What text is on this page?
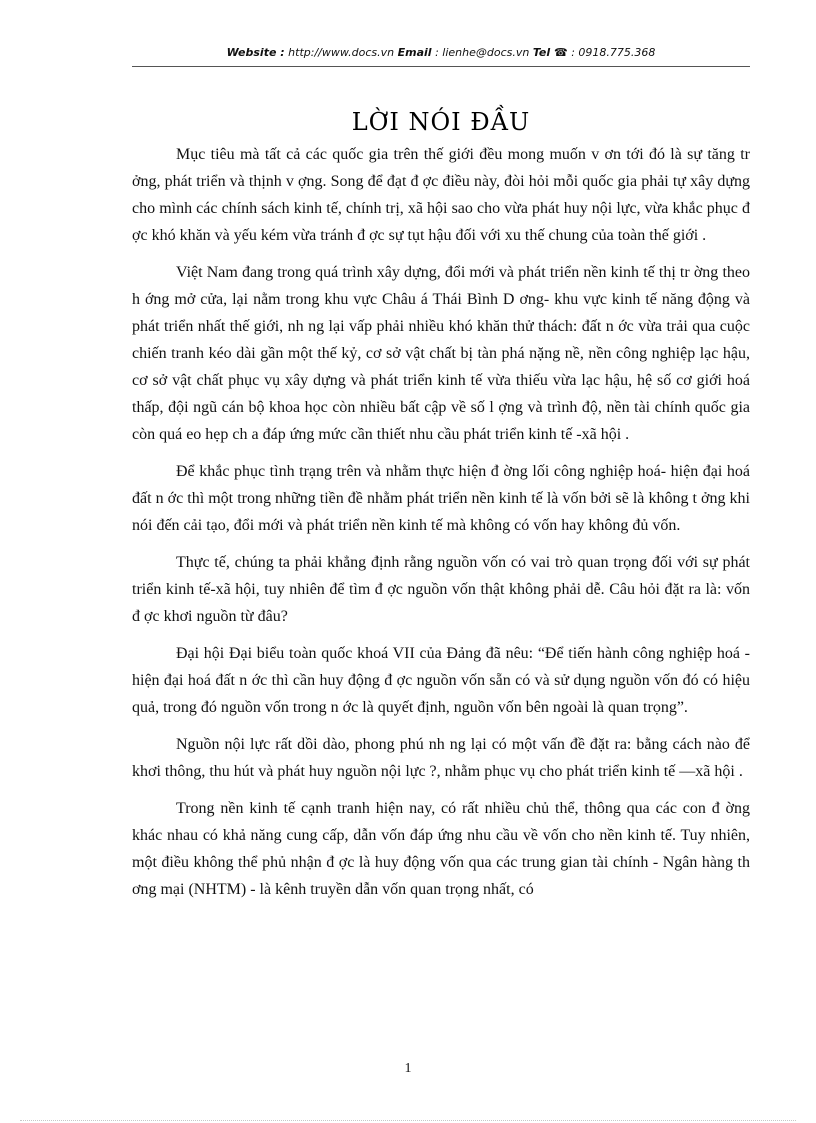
Website : http://www.docs.vn Email : lienhe@docs.vn Tel ☎ : 0918.775.368
LỜI NÓI ĐẦU

Mục tiêu mà tất cả các quốc gia trên thế giới đều mong muốn v ơn tới đó là sự tăng tr ởng, phát triển và thịnh v ợng. Song để đạt đ ợc điều này, đòi hỏi mỗi quốc gia phải tự xây dựng cho mình các chính sách kinh tế, chính trị, xã hội sao cho vừa phát huy nội lực, vừa khắc phục đ ợc khó khăn và yếu kém vừa tránh đ ợc sự tụt hậu đối với xu thế chung của toàn thế giới .

Việt Nam đang trong quá trình xây dựng, đổi mới và phát triển nền kinh tế thị tr ờng theo h ớng mở cửa, lại nằm trong khu vực Châu á Thái Bình D ơng- khu vực kinh tế năng động và phát triển nhất thế giới, nh ng lại vấp phải nhiều khó khăn thử thách: đất n ớc vừa trải qua cuộc chiến tranh kéo dài gần một thế kỷ, cơ sở vật chất bị tàn phá nặng nề, nền công nghiệp lạc hậu, cơ sở vật chất phục vụ xây dựng và phát triển kinh tế vừa thiếu vừa lạc hậu, hệ số cơ giới hoá thấp, đội ngũ cán bộ khoa học còn nhiều bất cập về số l ợng và trình độ, nền tài chính quốc gia còn quá eo hẹp ch a đáp ứng mức cần thiết nhu cầu phát triển kinh tế -xã hội .

Để khắc phục tình trạng trên và nhằm thực hiện đ ờng lối công nghiệp hoá- hiện đại hoá đất n ớc thì một trong những tiền đề nhằm phát triển nền kinh tế là vốn bởi sẽ là không t ởng khi nói đến cải tạo, đổi mới và phát triển nền kinh tế mà không có vốn hay không đủ vốn.

Thực tế, chúng ta phải khẳng định rằng nguồn vốn có vai trò quan trọng đối với sự phát triển kinh tế-xã hội, tuy nhiên để tìm đ ợc nguồn vốn thật không phải dễ. Câu hỏi đặt ra là: vốn đ ợc khơi nguồn từ đâu?

Đại hội Đại biểu toàn quốc khoá VII của Đảng đã nêu: “Để tiến hành công nghiệp hoá - hiện đại hoá đất n ớc thì cần huy động đ ợc nguồn vốn sẵn có và sử dụng nguồn vốn đó có hiệu quả, trong đó nguồn vốn trong n ớc là quyết định, nguồn vốn bên ngoài là quan trọng”.

Nguồn nội lực rất dồi dào, phong phú nh ng lại có một vấn đề đặt ra: bằng cách nào để khơi thông, thu hút và phát huy nguồn nội lực ?, nhằm phục vụ cho phát triển kinh tế —xã hội .

Trong nền kinh tế cạnh tranh hiện nay, có rất nhiều chủ thể, thông qua các con đ ờng khác nhau có khả năng cung cấp, dẫn vốn đáp ứng nhu cầu về vốn cho nền kinh tế. Tuy nhiên, một điều không thể phủ nhận đ ợc là huy động vốn qua các trung gian tài chính - Ngân hàng th ơng mại (NHTM) - là kênh truyền dẫn vốn quan trọng nhất, có

1
